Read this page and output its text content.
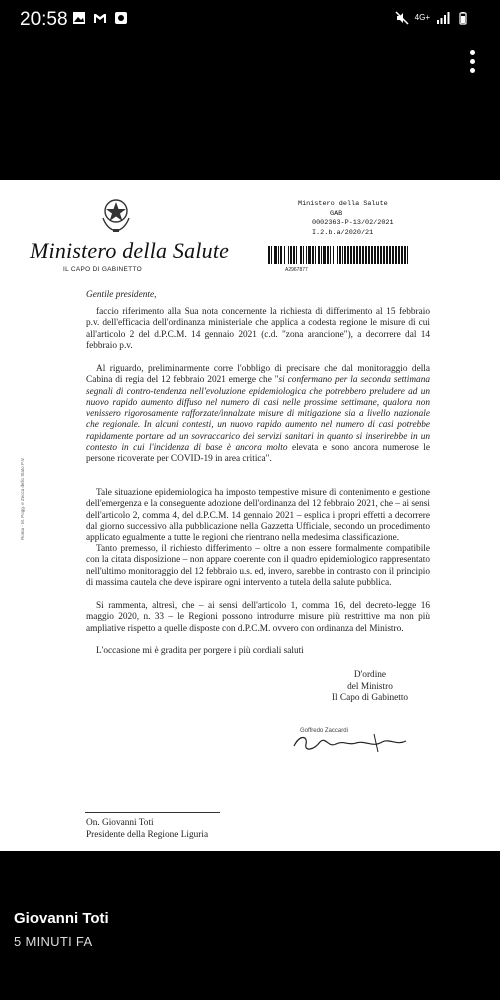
20:58	4G+
Ministero della Salute
IL CAPO DI GABINETTO
Ministero della Salute
GAB
0002363-P-13/02/2021
I.2.b.a/2020/21
A2967877
Gentile presidente,
faccio riferimento alla Sua nota concernente la richiesta di differimento al 15 febbraio p.v. dell'efficacia dell'ordinanza ministeriale che applica a codesta regione le misure di cui all'articolo 2 del d.P.C.M. 14 gennaio 2021 (c.d. "zona arancione"), a decorrere dal 14 febbraio p.v.
Al riguardo, preliminarmente corre l'obbligo di precisare che dal monitoraggio della Cabina di regia del 12 febbraio 2021 emerge che "si confermano per la seconda settimana segnali di contro-tendenza nell'evoluzione epidemiologica che potrebbero preludere ad un nuovo rapido aumento diffuso nel numero di casi nelle prossime settimane, qualora non venissero rigorosamente rafforzate/innalzate misure di mitigazione sia a livello nazionale che regionale. In alcuni contesti, un nuovo rapido aumento nel numero di casi potrebbe rapidamente portare ad un sovraccarico dei servizi sanitari in quanto si inserirebbe in un contesto in cui l'incidenza di base è ancora molto elevata e sono ancora numerose le persone ricoverate per COVID-19 in area critica".
Tale situazione epidemiologica ha imposto tempestive misure di contenimento e gestione dell'emergenza e la conseguente adozione dell'ordinanza del 12 febbraio 2021, che – ai sensi dell'articolo 2, comma 4, del d.P.C.M. 14 gennaio 2021 – esplica i propri effetti a decorrere dal giorno successivo alla pubblicazione nella Gazzetta Ufficiale, secondo un procedimento applicato egualmente a tutte le regioni che rientrano nella medesima classificazione.
Tanto premesso, il richiesto differimento – oltre a non essere formalmente compatibile con la citata disposizione – non appare coerente con il quadro epidemiologico rappresentato nell'ultimo monitoraggio del 12 febbraio u.s. ed, invero, sarebbe in contrasto con il principio di massima cautela che deve ispirare ogni intervento a tutela della salute pubblica.
Si rammenta, altresì, che – ai sensi dell'articolo 1, comma 16, del decreto-legge 16 maggio 2020, n. 33 – le Regioni possono introdurre misure più restrittive ma non più ampliative rispetto a quelle disposte con d.P.C.M. ovvero con ordinanza del Ministro.
L'occasione mi è gradita per porgere i più cordiali saluti
D'ordine
del Ministro
Il Capo di Gabinetto
Goffredo Zaccardi
Roma - M. Pogg. e Zecca dello Stato P.V.
On. Giovanni Toti
Presidente della Regione Liguria
Giovanni Toti
5 MINUTI FA
